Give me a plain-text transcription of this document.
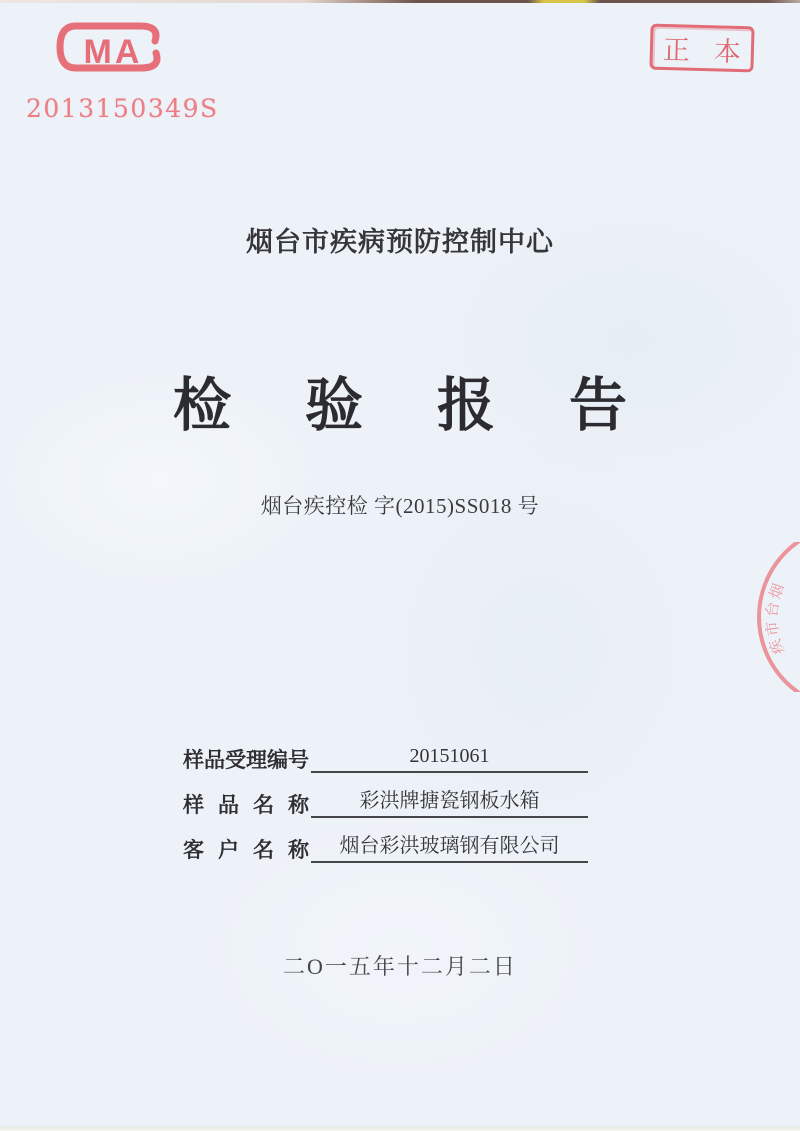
MA
2013150349S
正 本
烟台市疾病预防控制中心
检验报告
烟台疾控检 字(2015)SS018 号
烟
台
市
疾
样品受理编号	20151061
样品名称	彩洪牌搪瓷钢板水箱
客户名称 烟台彩洪玻璃钢有限公司
二O一五年十二月二日
